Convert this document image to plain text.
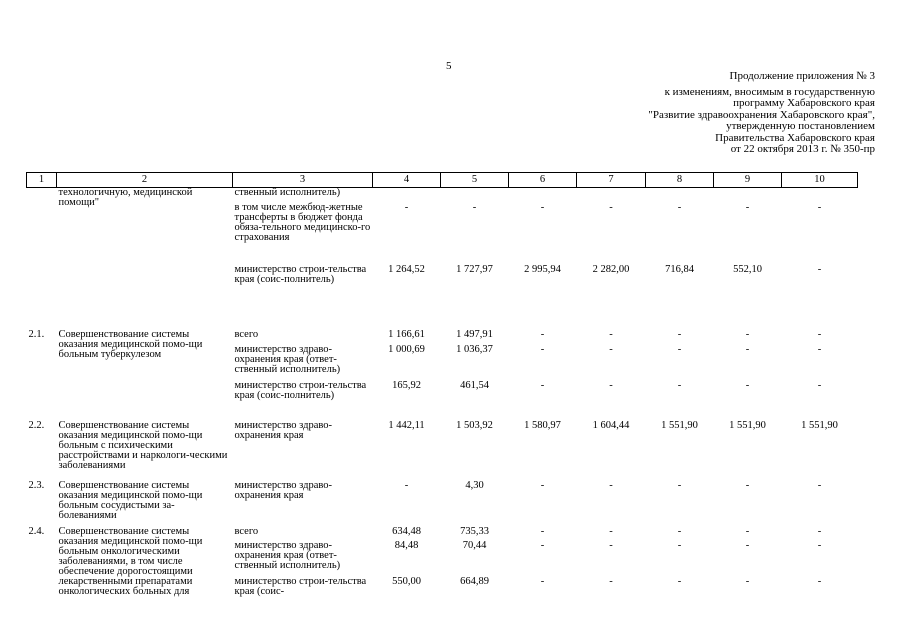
5
Продолжение приложения № 3
к изменениям, вносимым в государственную
программу Хабаровского края
"Развитие здравоохранения Хабаровского края",
утвержденную постановлением
Правительства Хабаровского края
от 22 октября 2013 г. № 350-пр
1	2	3	4	5	6	7	8	9	10
	технологичную, медицинской помощи"	ственный исполнитель)							
		в том числе межбюд-жетные трансферты в бюджет фонда обяза-тельного медицинско-го страхования	-	-	-	-	-	-	-
		министерство строи-тельства края (соис-полнитель)	1 264,52	1 727,97	2 995,94	2 282,00	716,84	552,10	-

2.1.	Совершенствование системы оказания медицинской помо-щи больным туберкулезом	всего	1 166,61	1 497,91	-	-	-	-	-
		министерство здраво-охранения края (ответ-ственный исполнитель)	1 000,69	1 036,37	-	-	-	-	-
		министерство строи-тельства края (соис-полнитель)	165,92	461,54	-	-	-	-	-
2.2.	Совершенствование системы оказания медицинской помо-щи больным с психическими расстройствами и наркологи-ческими заболеваниями	министерство здраво-охранения края	1 442,11	1 503,92	1 580,97	1 604,44	1 551,90	1 551,90	1 551,90
2.3.	Совершенствование системы оказания медицинской помо-щи больным сосудистыми за-болеваниями	министерство здраво-охранения края	-	4,30	-	-	-	-	-
2.4.	Совершенствование системы оказания медицинской помо-щи больным онкологическими заболеваниями, в том числе обеспечение дорогостоящими лекарственными препаратами онкологических больных для	всего	634,48	735,33	-	-	-	-	-
		министерство здраво-охранения края (ответ-ственный исполнитель)	84,48	70,44	-	-	-	-	-
		министерство строи-тельства края (соис-	550,00	664,89	-	-	-	-	-
